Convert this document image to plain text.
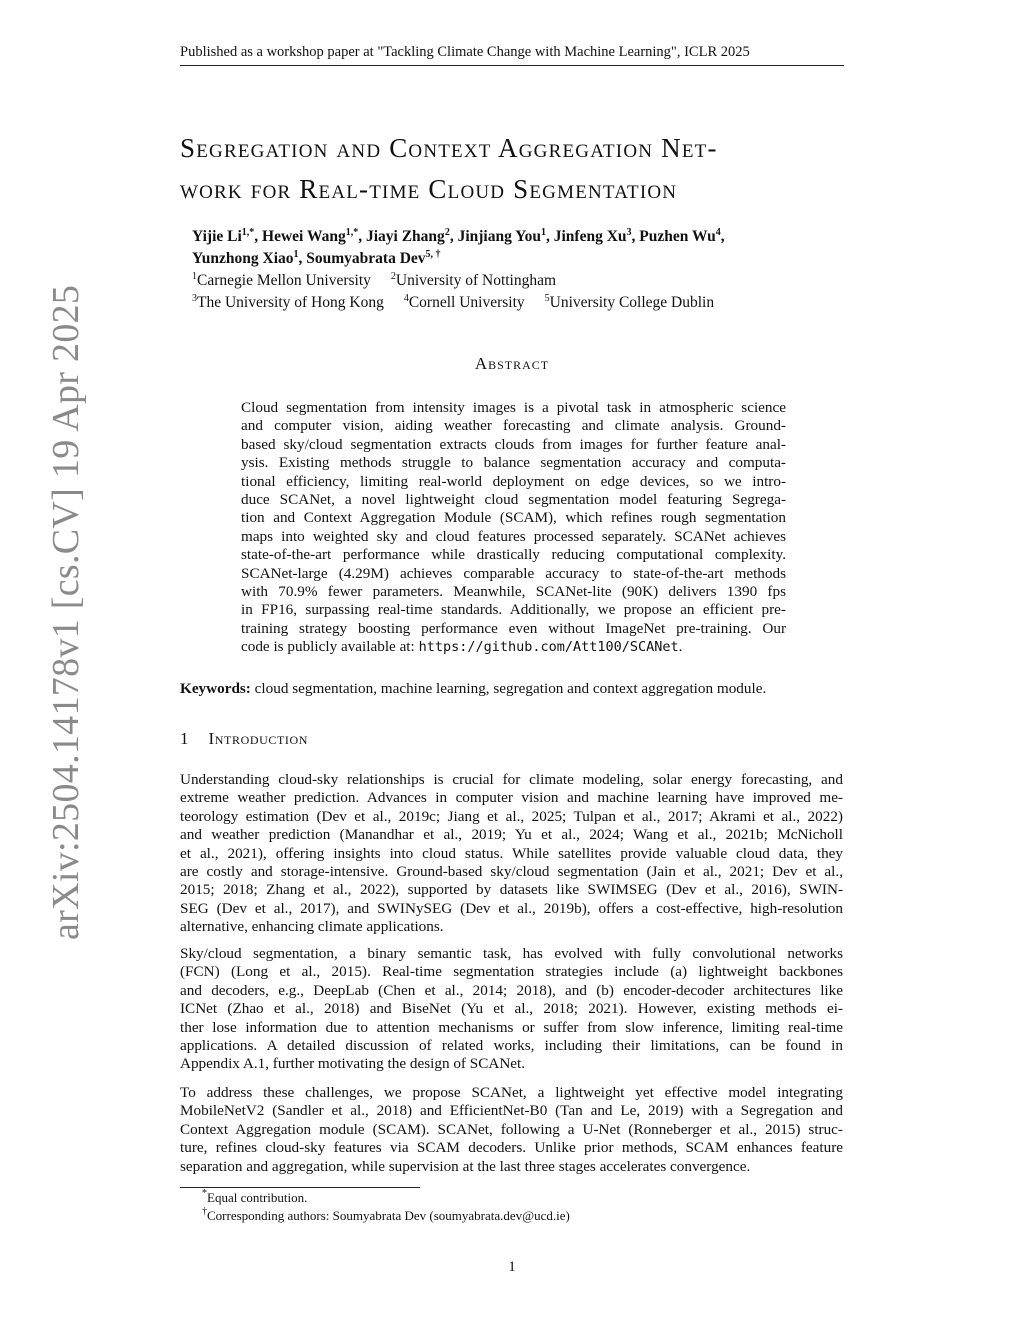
Published as a workshop paper at "Tackling Climate Change with Machine Learning", ICLR 2025
arXiv:2504.14178v1 [cs.CV] 19 Apr 2025
Segregation and Context Aggregation Net-
work for Real-time Cloud Segmentation
Yijie $Li^{1,*}$, Hewei Wang$^{1,*}$, Jiayi Zhang$^2$, Jinjiang You$^1$, Jinfeng Xu$^3$, Puzhen Wu$^4$,
Yunzhong Xiao$^1$, Soumyabrata Dev$^{5, \dagger}$
$^1$Carnegie Mellon University $^2$University of Nottingham
$^3$The University of Hong Kong $^4$Cornell University $^5$University College Dublin
Abstract
Cloud segmentation from intensity images is a pivotal task in atmospheric science
and computer vision, aiding weather forecasting and climate analysis. Ground-
based sky/cloud segmentation extracts clouds from images for further feature anal-
ysis. Existing methods struggle to balance segmentation accuracy and computa-
tional efficiency, limiting real-world deployment on edge devices, so we intro-
duce SCANet, a novel lightweight cloud segmentation model featuring Segrega-
tion and Context Aggregation Module (SCAM), which refines rough segmentation
maps into weighted sky and cloud features processed separately. SCANet achieves
state-of-the-art performance while drastically reducing computational complexity.
SCANet-large (4.29M) achieves comparable accuracy to state-of-the-art methods
with 70.9% fewer parameters. Meanwhile, SCANet-lite (90K) delivers 1390 fps
in FP16, surpassing real-time standards. Additionally, we propose an efficient pre-
training strategy boosting performance even without ImageNet pre-training. Our
code is publicly available at: https://github.com/Att100/SCANet.
Keywords: cloud segmentation, machine learning, segregation and context aggregation module.
1 Introduction
Understanding cloud-sky relationships is crucial for climate modeling, solar energy forecasting, and
extreme weather prediction. Advances in computer vision and machine learning have improved me-
teorology estimation (Dev et al., 2019c; Jiang et al., 2025; Tulpan et al., 2017; Akrami et al., 2022)
and weather prediction (Manandhar et al., 2019; Yu et al., 2024; Wang et al., 2021b; McNicholl
et al., 2021), offering insights into cloud status. While satellites provide valuable cloud data, they
are costly and storage-intensive. Ground-based sky/cloud segmentation (Jain et al., 2021; Dev et al.,
2015; 2018; Zhang et al., 2022), supported by datasets like SWIMSEG (Dev et al., 2016), SWIN-
SEG (Dev et al., 2017), and SWINySEG (Dev et al., 2019b), offers a cost-effective, high-resolution
alternative, enhancing climate applications.
Sky/cloud segmentation, a binary semantic task, has evolved with fully convolutional networks
(FCN) (Long et al., 2015). Real-time segmentation strategies include (a) lightweight backbones
and decoders, e.g., DeepLab (Chen et al., 2014; 2018), and (b) encoder-decoder architectures like
ICNet (Zhao et al., 2018) and BiseNet (Yu et al., 2018; 2021). However, existing methods ei-
ther lose information due to attention mechanisms or suffer from slow inference, limiting real-time
applications. A detailed discussion of related works, including their limitations, can be found in
Appendix A.1, further motivating the design of SCANet.
To address these challenges, we propose SCANet, a lightweight yet effective model integrating
MobileNetV2 (Sandler et al., 2018) and EfficientNet-B0 (Tan and Le, 2019) with a Segregation and
Context Aggregation module (SCAM). SCANet, following a U-Net (Ronneberger et al., 2015) struc-
ture, refines cloud-sky features via SCAM decoders. Unlike prior methods, SCAM enhances feature
separation and aggregation, while supervision at the last three stages accelerates convergence.
*Equal contribution.
†Corresponding authors: Soumyabrata Dev (soumyabrata.dev@ucd.ie)
1
